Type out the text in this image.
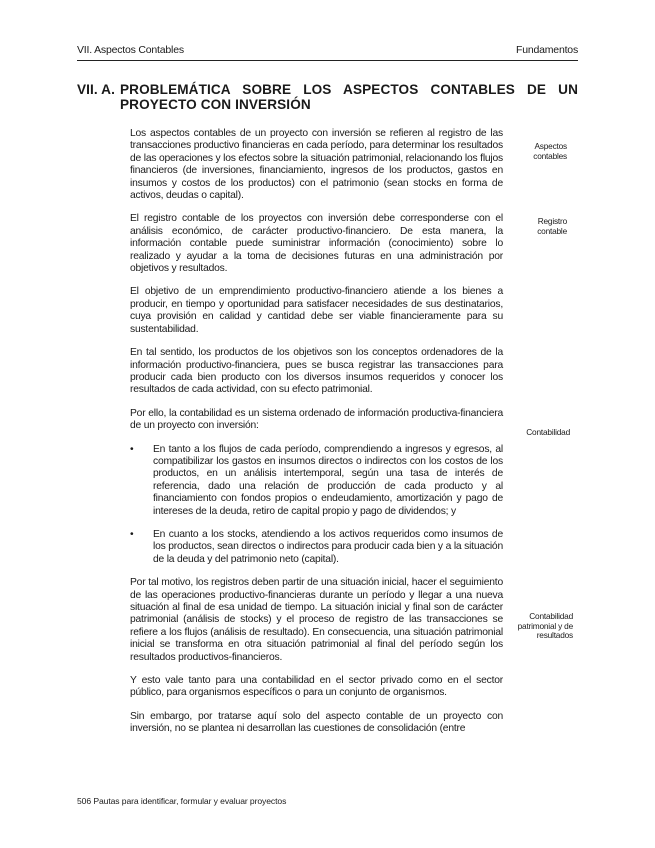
VII. Aspectos Contables	Fundamentos
VII. A. PROBLEMÁTICA SOBRE LOS ASPECTOS CONTABLES DE UN
PROYECTO CON INVERSIÓN

Los aspectos contables de un proyecto con inversión se refieren al registro de las transacciones productivo financieras en cada período, para determinar los resultados de las operaciones y los efectos sobre la situación patrimonial, relacionando los flujos financieros (de inversiones, financiamiento, ingresos de los productos, gastos en insumos y costos de los productos) con el patrimonio (sean stocks en forma de activos, deudas o capital).

El registro contable de los proyectos con inversión debe corresponderse con el análisis económico, de carácter productivo-financiero. De esta manera, la información contable puede suministrar información (conocimiento) sobre lo realizado y ayudar a la toma de decisiones futuras en una administración por objetivos y resultados.

El objetivo de un emprendimiento productivo-financiero atiende a los bienes a producir, en tiempo y oportunidad para satisfacer necesidades de sus destinatarios, cuya provisión en calidad y cantidad debe ser viable financieramente para su sustentabilidad.

En tal sentido, los productos de los objetivos son los conceptos ordenadores de la información productivo-financiera, pues se busca registrar las transacciones para producir cada bien producto con los diversos insumos requeridos y conocer los resultados de cada actividad, con su efecto patrimonial.

Por ello, la contabilidad es un sistema ordenado de información productiva-financiera de un proyecto con inversión:

• En tanto a los flujos de cada período, comprendiendo a ingresos y egresos, al compatibilizar los gastos en insumos directos o indirectos con los costos de los productos, en un análisis intertemporal, según una tasa de interés de referencia, dado una relación de producción de cada producto y al financiamiento con fondos propios o endeudamiento, amortización y pago de intereses de la deuda, retiro de capital propio y pago de dividendos; y
• En cuanto a los stocks, atendiendo a los activos requeridos como insumos de los productos, sean directos o indirectos para producir cada bien y a la situación de la deuda y del patrimonio neto (capital).

Por tal motivo, los registros deben partir de una situación inicial, hacer el seguimiento de las operaciones productivo-financieras durante un período y llegar a una nueva situación al final de esa unidad de tiempo. La situación inicial y final son de carácter patrimonial (análisis de stocks) y el proceso de registro de las transacciones se refiere a los flujos (análisis de resultado). En consecuencia, una situación patrimonial inicial se transforma en otra situación patrimonial al final del período según los resultados productivos-financieros.

Y esto vale tanto para una contabilidad en el sector privado como en el sector público, para organismos específicos o para un conjunto de organismos.

Sin embargo, por tratarse aquí solo del aspecto contable de un proyecto con inversión, no se plantea ni desarrollan las cuestiones de consolidación (entre

Aspectos contables
Registro contable
Contabilidad
Contabilidad patrimonial y de resultados
506 Pautas para identificar, formular y evaluar proyectos
